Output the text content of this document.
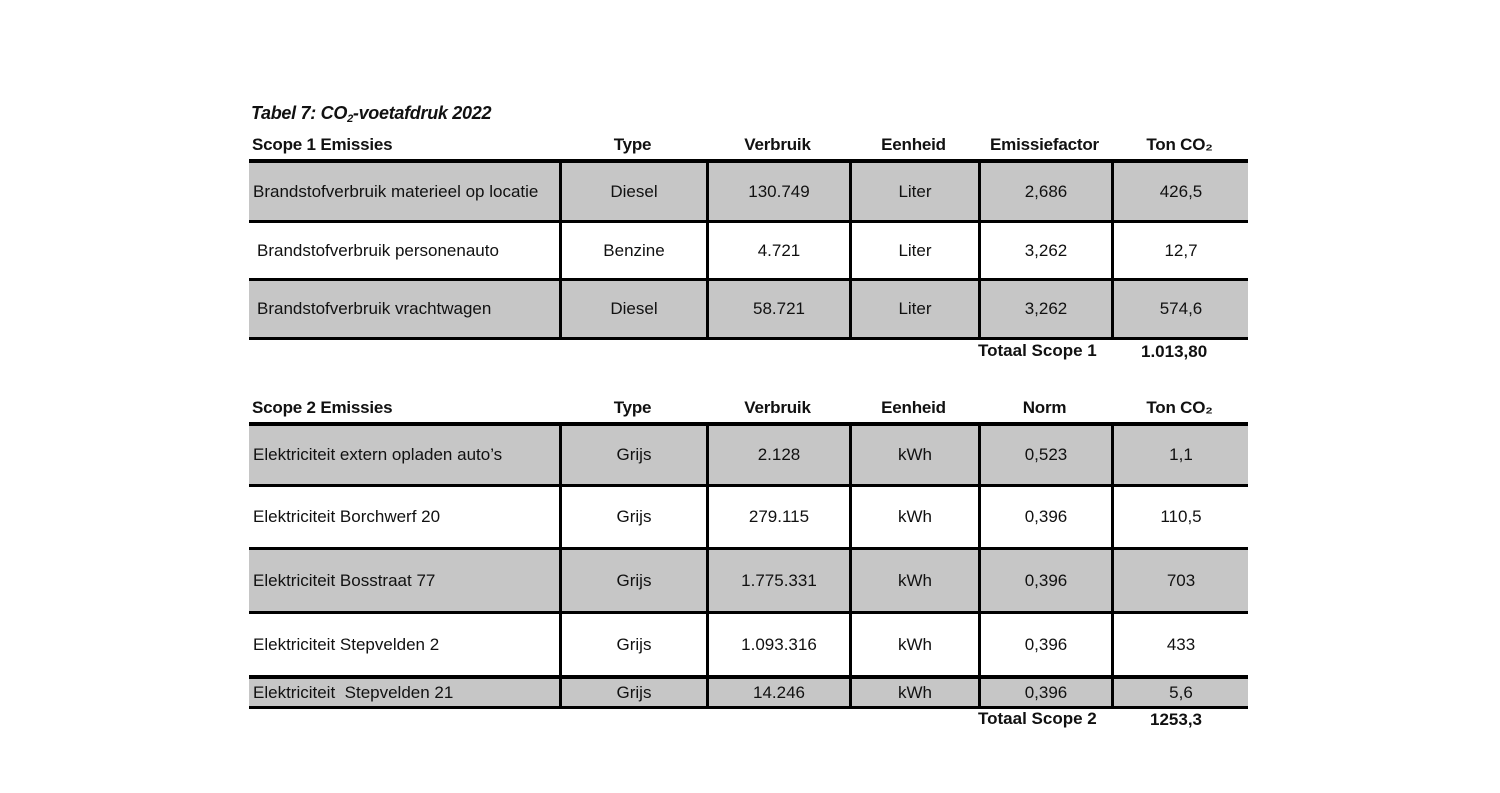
Tabel 7: $CO_2$-voetafdruk 2022
Scope 1 Emissies	Type	Verbruik	Eenheid	Emissiefactor	Ton CO₂
Brandstofverbruik materieel op locatie	Diesel	130.749	Liter	2,686	426,5
Brandstofverbruik personenauto	Benzine	4.721	Liter	3,262	12,7
Brandstofverbruik vrachtwagen	Diesel	58.721	Liter	3,262	574,6
Totaal Scope 1	1.013,80
Scope 2 Emissies	Type	Verbruik	Eenheid	Norm	Ton CO₂
Elektriciteit extern opladen auto’s	Grijs	2.128	kWh	0,523	1,1
Elektriciteit Borchwerf 20	Grijs	279.115	kWh	0,396	110,5
Elektriciteit Bosstraat 77	Grijs	1.775.331	kWh	0,396	703
Elektriciteit Stepvelden 2	Grijs	1.093.316	kWh	0,396	433
Elektriciteit  Stepvelden 21	Grijs	14.246	kWh	0,396	5,6
Totaal Scope 2	1253,3
